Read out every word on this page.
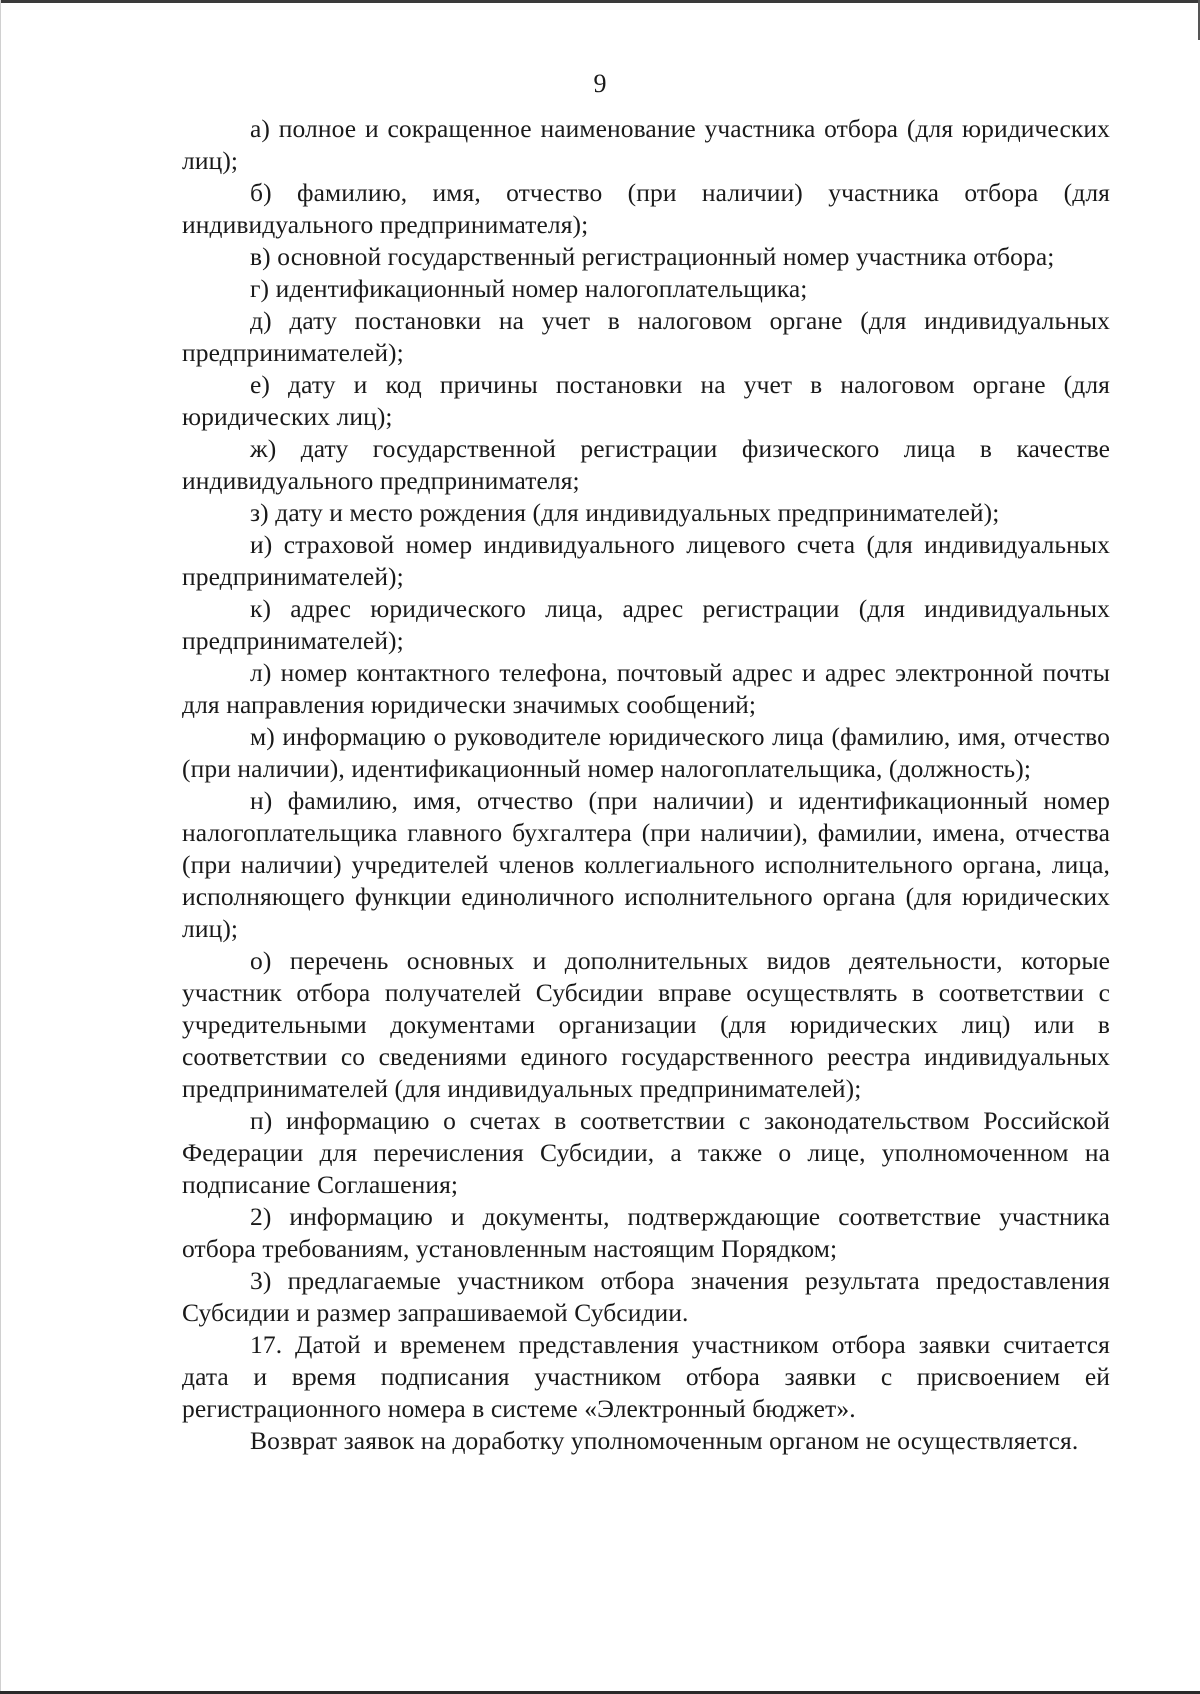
9

а) полное и сокращенное наименование участника отбора (для юридических лиц);

б) фамилию, имя, отчество (при наличии) участника отбора (для индивидуального предпринимателя);

в) основной государственный регистрационный номер участника отбора;

г) идентификационный номер налогоплательщика;

д) дату постановки на учет в налоговом органе (для индивидуальных предпринимателей);

е) дату и код причины постановки на учет в налоговом органе (для юридических лиц);

ж) дату государственной регистрации физического лица в качестве индивидуального предпринимателя;

з) дату и место рождения (для индивидуальных предпринимателей);

и) страховой номер индивидуального лицевого счета (для индивидуальных предпринимателей);

к) адрес юридического лица, адрес регистрации (для индивидуальных предпринимателей);

л) номер контактного телефона, почтовый адрес и адрес электронной почты для направления юридически значимых сообщений;

м) информацию о руководителе юридического лица (фамилию, имя, отчество (при наличии), идентификационный номер налогоплательщика, (должность);

н) фамилию, имя, отчество (при наличии) и идентификационный номер налогоплательщика главного бухгалтера (при наличии), фамилии, имена, отчества (при наличии) учредителей членов коллегиального исполнительного органа, лица, исполняющего функции единоличного исполнительного органа (для юридических лиц);

о) перечень основных и дополнительных видов деятельности, которые участник отбора получателей Субсидии вправе осуществлять в соответствии с учредительными документами организации (для юридических лиц) или в соответствии со сведениями единого государственного реестра индивидуальных предпринимателей (для индивидуальных предпринимателей);

п) информацию о счетах в соответствии с законодательством Российской Федерации для перечисления Субсидии, а также о лице, уполномоченном на подписание Соглашения;

2) информацию и документы, подтверждающие соответствие участника отбора требованиям, установленным настоящим Порядком;

3) предлагаемые участником отбора значения результата предоставления Субсидии и размер запрашиваемой Субсидии.

17. Датой и временем представления участником отбора заявки считается дата и время подписания участником отбора заявки с присвоением ей регистрационного номера в системе «Электронный бюджет».

Возврат заявок на доработку уполномоченным органом не осуществляется.
